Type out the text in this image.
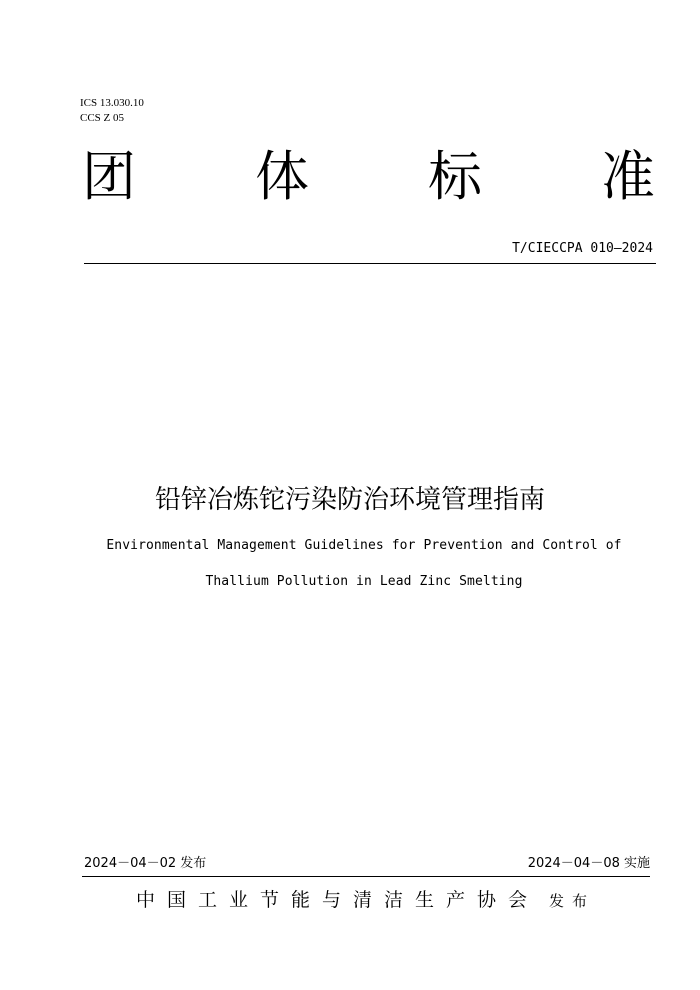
ICS 13.030.10
CCS Z 05
团 体 标 准
T/CIECCPA 010—2024
铅锌冶炼铊污染防治环境管理指南
Environmental Management Guidelines for Prevention and Control of
Thallium Pollution in Lead Zinc Smelting
2024－04－02 发布	2024－04－08 实施
中国工业节能与清洁生产协会 发布
